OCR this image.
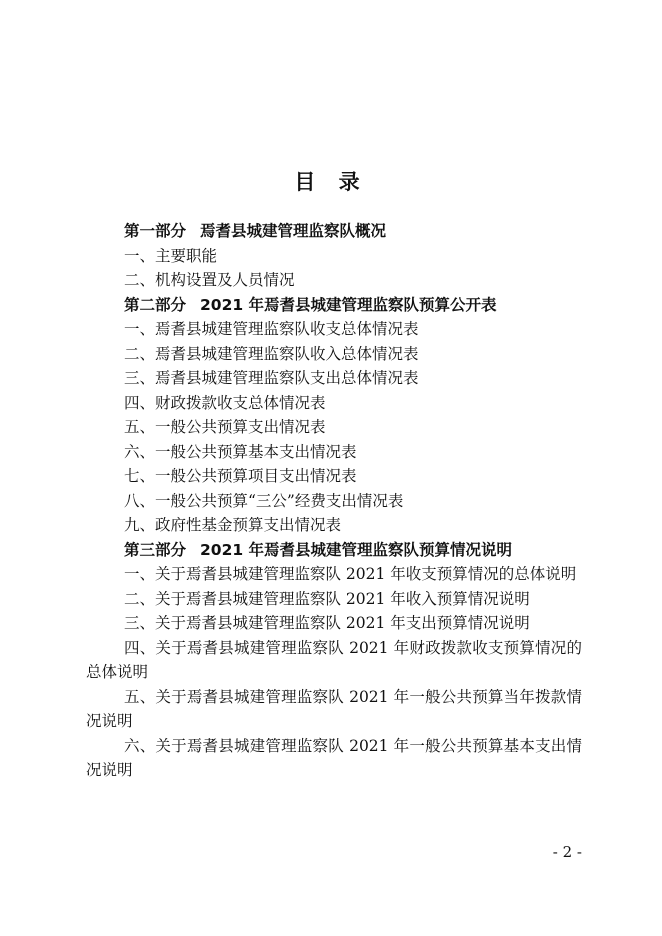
目 录
第一部分 焉耆县城建管理监察队概况
一、主要职能
二、机构设置及人员情况
第二部分 2021 年焉耆县城建管理监察队预算公开表
一、焉耆县城建管理监察队收支总体情况表
二、焉耆县城建管理监察队收入总体情况表
三、焉耆县城建管理监察队支出总体情况表
四、财政拨款收支总体情况表
五、一般公共预算支出情况表
六、一般公共预算基本支出情况表
七、一般公共预算项目支出情况表
八、一般公共预算“三公”经费支出情况表
九、政府性基金预算支出情况表
第三部分 2021 年焉耆县城建管理监察队预算情况说明
一、关于焉耆县城建管理监察队 2021 年收支预算情况的总体说明
二、关于焉耆县城建管理监察队 2021 年收入预算情况说明
三、关于焉耆县城建管理监察队 2021 年支出预算情况说明
四、关于焉耆县城建管理监察队 2021 年财政拨款收支预算情况的总体说明
五、关于焉耆县城建管理监察队 2021 年一般公共预算当年拨款情况说明
六、关于焉耆县城建管理监察队 2021 年一般公共预算基本支出情况说明
- 2 -
